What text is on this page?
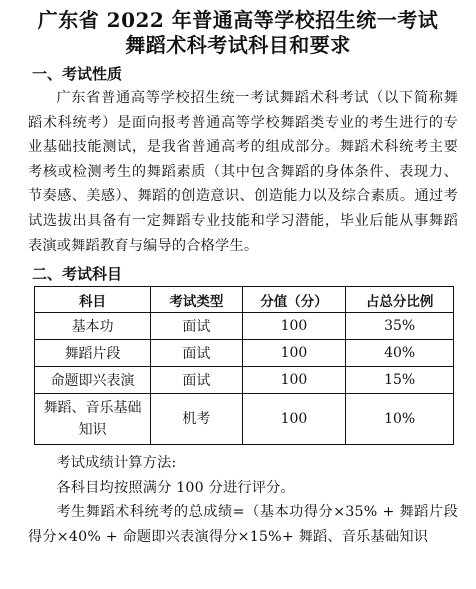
广东省 2022 年普通高等学校招生统一考试
舞蹈术科考试科目和要求
一、考试性质

广东省普通高等学校招生统一考试舞蹈术科考试（以下简称舞蹈术科统考）是面向报考普通高等学校舞蹈类专业的考生进行的专业基础技能测试，是我省普通高考的组成部分。舞蹈术科统考主要考核或检测考生的舞蹈素质（其中包含舞蹈的身体条件、表现力、节奏感、美感）、舞蹈的创造意识、创造能力以及综合素质。通过考试选拔出具备有一定舞蹈专业技能和学习潜能，毕业后能从事舞蹈表演或舞蹈教育与编导的合格学生。

二、考试科目
科目	考试类型	分值（分）	占总分比例
基本功	面试	100	35%
舞蹈片段	面试	100	40%
命题即兴表演	面试	100	15%

舞蹈、音乐基础
知识	机考	100	10%

考试成绩计算方法:

各科目均按照满分 100 分进行评分。

考生舞蹈术科统考的总成绩=（基本功得分×35% + 舞蹈片段得分×40% + 命题即兴表演得分×15%+ 舞蹈、音乐基础知识
